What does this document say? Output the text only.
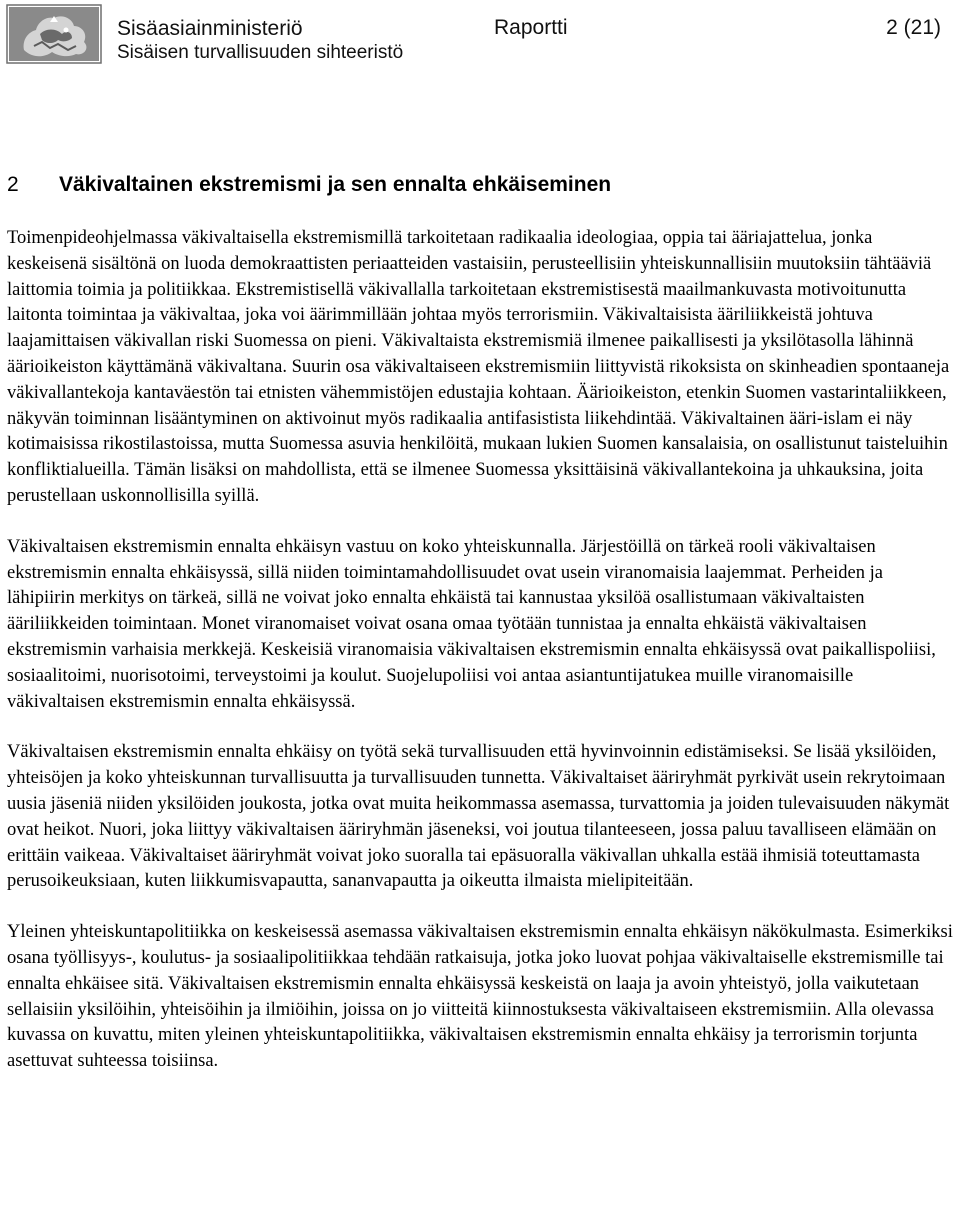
Sisäasiainministeriö
Sisäisen turvallisuuden sihteeristö
Raportti	2 (21)
2	Väkivaltainen ekstremismi ja sen ennalta ehkäiseminen

Toimenpideohjelmassa väkivaltaisella ekstremismillä tarkoitetaan radikaalia ideologiaa, oppia tai ääriajattelua, jonka keskeisenä sisältönä on luoda demokraattisten periaatteiden vastaisiin, perusteellisiin yhteiskunnallisiin muutoksiin tähtääviä laittomia toimia ja politiikkaa. Ekstremistisellä väkivallalla tarkoitetaan ekstremistisestä maailmankuvasta motivoitunutta laitonta toimintaa ja väkivaltaa, joka voi äärimmillään johtaa myös terrorismiin. Väkivaltaisista ääriliikkeistä johtuva laajamittaisen väkivallan riski Suomessa on pieni. Väkivaltaista ekstremismiä ilmenee paikallisesti ja yksilötasolla lähinnä äärioikeiston käyttämänä väkivaltana. Suurin osa väkivaltaiseen ekstremismiin liittyvistä rikoksista on skinheadien spontaaneja väkivallantekoja kantaväestön tai etnisten vähemmistöjen edustajia kohtaan. Äärioikeiston, etenkin Suomen vastarintaliikkeen, näkyvän toiminnan lisääntyminen on aktivoinut myös radikaalia antifasistista liikehdintää. Väkivaltainen ääri-islam ei näy kotimaisissa rikostilastoissa, mutta Suomessa asuvia henkilöitä, mukaan lukien Suomen kansalaisia, on osallistunut taisteluihin konfliktialueilla. Tämän lisäksi on mahdollista, että se ilmenee Suomessa yksittäisinä väkivallantekoina ja uhkauksina, joita perustellaan uskonnollisilla syillä.

Väkivaltaisen ekstremismin ennalta ehkäisyn vastuu on koko yhteiskunnalla. Järjestöillä on tärkeä rooli väkivaltaisen ekstremismin ennalta ehkäisyssä, sillä niiden toimintamahdollisuudet ovat usein viranomaisia laajemmat. Perheiden ja lähipiirin merkitys on tärkeä, sillä ne voivat joko ennalta ehkäistä tai kannustaa yksilöä osallistumaan väkivaltaisten ääriliikkeiden toimintaan. Monet viranomaiset voivat osana omaa työtään tunnistaa ja ennalta ehkäistä väkivaltaisen ekstremismin varhaisia merkkejä. Keskeisiä viranomaisia väkivaltaisen ekstremismin ennalta ehkäisyssä ovat paikallispoliisi, sosiaalitoimi, nuorisotoimi, terveystoimi ja koulut. Suojelupoliisi voi antaa asiantuntijatukea muille viranomaisille väkivaltaisen ekstremismin ennalta ehkäisyssä.

Väkivaltaisen ekstremismin ennalta ehkäisy on työtä sekä turvallisuuden että hyvinvoinnin edistämiseksi. Se lisää yksilöiden, yhteisöjen ja koko yhteiskunnan turvallisuutta ja turvallisuuden tunnetta. Väkivaltaiset ääriryhmät pyrkivät usein rekrytoimaan uusia jäseniä niiden yksilöiden joukosta, jotka ovat muita heikommassa asemassa, turvattomia ja joiden tulevaisuuden näkymät ovat heikot. Nuori, joka liittyy väkivaltaisen ääriryhmän jäseneksi, voi joutua tilanteeseen, jossa paluu tavalliseen elämään on erittäin vaikeaa. Väkivaltaiset ääriryhmät voivat joko suoralla tai epäsuoralla väkivallan uhkalla estää ihmisiä toteuttamasta perusoikeuksiaan, kuten liikkumisvapautta, sananvapautta ja oikeutta ilmaista mielipiteitään.

Yleinen yhteiskuntapolitiikka on keskeisessä asemassa väkivaltaisen ekstremismin ennalta ehkäisyn näkökulmasta. Esimerkiksi osana työllisyys-, koulutus- ja sosiaalipolitiikkaa tehdään ratkaisuja, jotka joko luovat pohjaa väkivaltaiselle ekstremismille tai ennalta ehkäisee sitä. Väkivaltaisen ekstremismin ennalta ehkäisyssä keskeistä on laaja ja avoin yhteistyö, jolla vaikutetaan sellaisiin yksilöihin, yhteisöihin ja ilmiöihin, joissa on jo viitteitä kiinnostuksesta väkivaltaiseen ekstremismiin. Alla olevassa kuvassa on kuvattu, miten yleinen yhteiskuntapolitiikka, väkivaltaisen ekstremismin ennalta ehkäisy ja terrorismin torjunta asettuvat suhteessa toisiinsa.
